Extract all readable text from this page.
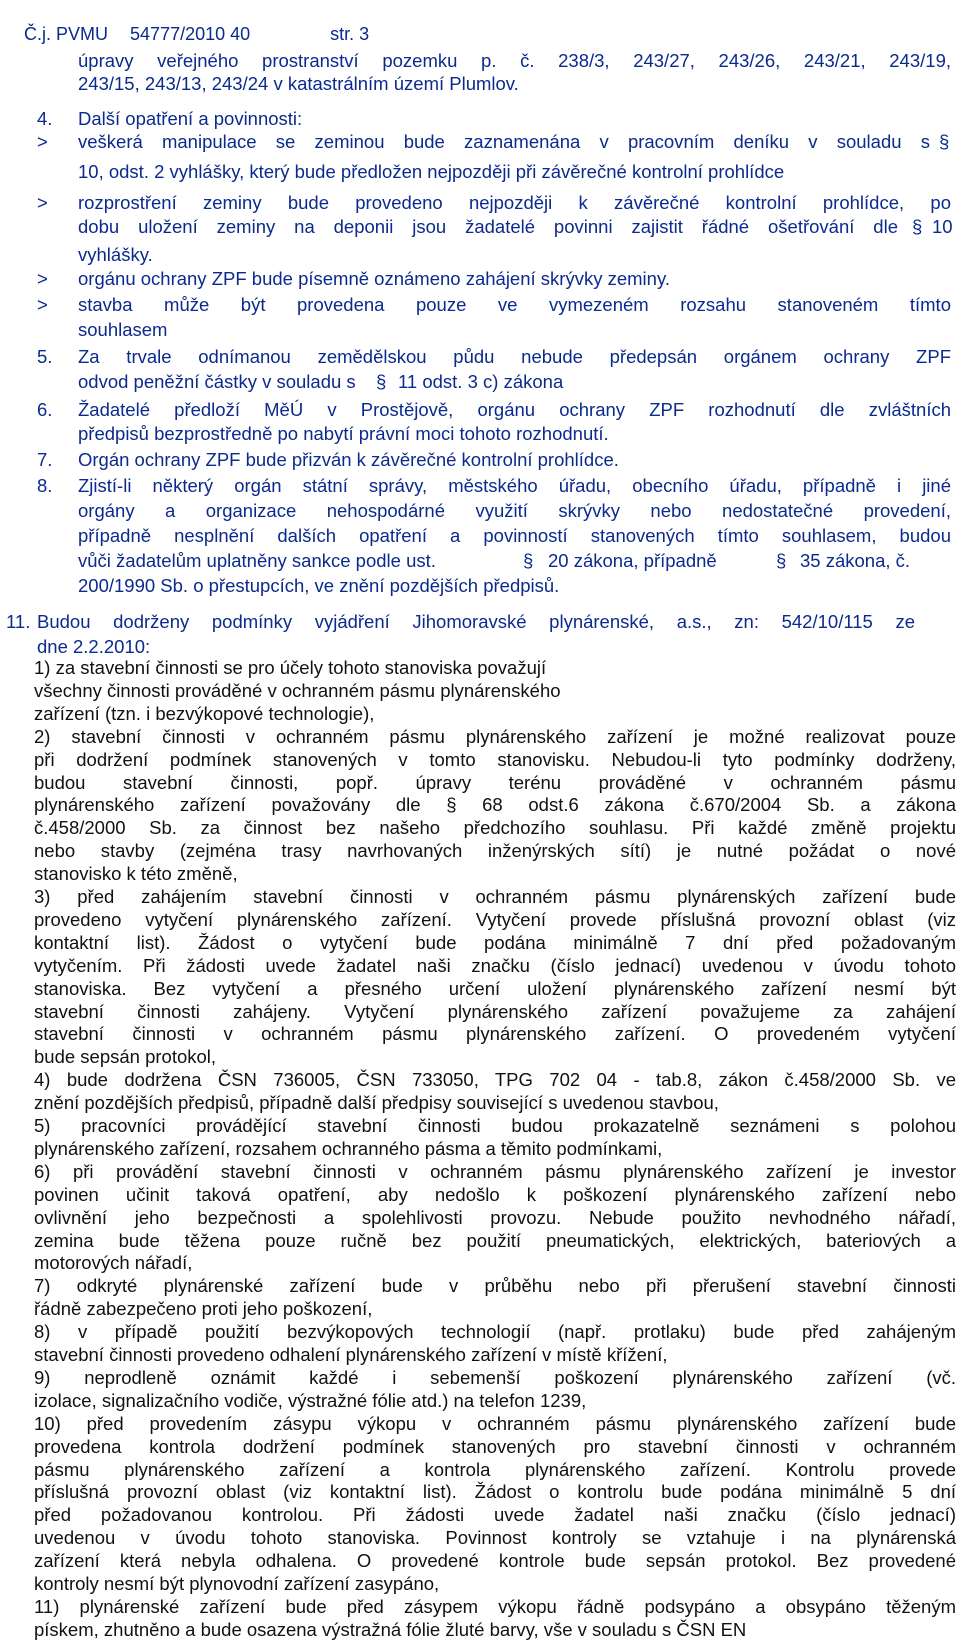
Č.j. PVMU 54777/2010 40	str. 3

úpravy veřejného prostranství pozemku p. č. 238/3, 243/27, 243/26, 243/21, 243/19,
243/15, 243/13, 243/24 v katastrálním území Plumlov.
4. Další opatření a povinnosti:
> veškerá manipulace se zeminou bude zaznamenána v pracovním deníku v souladu s §
10, odst. 2 vyhlášky, který bude předložen nejpozději při závěrečné kontrolní prohlídce
> rozprostření zeminy bude provedeno nejpozději k závěrečné kontrolní prohlídce, po
dobu uložení zeminy na deponii jsou žadatelé povinni zajistit řádné ošetřování dle § 10
vyhlášky.
> orgánu ochrany ZPF bude písemně oznámeno zahájení skrývky zeminy.
> stavba může být provedena pouze ve vymezeném rozsahu stanoveném tímto
souhlasem
5. Za trvale odnímanou zemědělskou půdu nebude předepsán orgánem ochrany ZPF
odvod peněžní částky v souladu s § 11 odst. 3 c) zákona
6. Žadatelé předloží MěÚ v Prostějově, orgánu ochrany ZPF rozhodnutí dle zvláštních
předpisů bezprostředně po nabytí právní moci tohoto rozhodnutí.
7. Orgán ochrany ZPF bude přizván k závěrečné kontrolní prohlídce.
8. Zjistí-li některý orgán státní správy, městského úřadu, obecního úřadu, případně i jiné
orgány a organizace nehospodárné využití skrývky nebo nedostatečné provedení,
případně nesplnění dalších opatření a povinností stanovených tímto souhlasem, budou
vůči žadatelům uplatněny sankce podle ust.	§ 20 zákona, případně	§ 35 zákona, č.
200/1990 Sb. o přestupcích, ve znění pozdějších předpisů.
11. Budou dodrženy podmínky vyjádření Jihomoravské plynárenské, a.s., zn: 542/10/115 ze
dne 2.2.2010:
1) za stavební činnosti se pro účely tohoto stanoviska považují
všechny činnosti prováděné v ochranném pásmu plynárenského
zařízení (tzn. i bezvýkopové technologie),
2) stavební činnosti v ochranném pásmu plynárenského zařízení je možné realizovat pouze
při dodržení podmínek stanovených v tomto stanovisku. Nebudou-li tyto podmínky dodrženy,
budou stavební činnosti, popř. úpravy terénu prováděné v ochranném pásmu
plynárenského zařízení považovány dle § 68 odst.6 zákona č.670/2004 Sb. a zákona
č.458/2000 Sb. za činnost bez našeho předchozího souhlasu. Při každé změně projektu
nebo stavby (zejména trasy navrhovaných inženýrských sítí) je nutné požádat o nové
stanovisko k této změně,
3) před zahájením stavební činnosti v ochranném pásmu plynárenských zařízení bude
provedeno vytyčení plynárenského zařízení. Vytyčení provede příslušná provozní oblast (viz
kontaktní list). Žádost o vytyčení bude podána minimálně 7 dní před požadovaným
vytyčením. Při žádosti uvede žadatel naši značku (číslo jednací) uvedenou v úvodu tohoto
stanoviska. Bez vytyčení a přesného určení uložení plynárenského zařízení nesmí být
stavební činnosti zahájeny. Vytyčení plynárenského zařízení považujeme za zahájení
stavební činnosti v ochranném pásmu plynárenského zařízení. O provedeném vytyčení
bude sepsán protokol,
4) bude dodržena ČSN 736005, ČSN 733050, TPG 702 04 - tab.8, zákon č.458/2000 Sb. ve
znění pozdějších předpisů, případně další předpisy související s uvedenou stavbou,
5) pracovníci provádějící stavební činnosti budou prokazatelně seznámeni s polohou
plynárenského zařízení, rozsahem ochranného pásma a těmito podmínkami,
6) při provádění stavební činnosti v ochranném pásmu plynárenského zařízení je investor
povinen učinit taková opatření, aby nedošlo k poškození plynárenského zařízení nebo
ovlivnění jeho bezpečnosti a spolehlivosti provozu. Nebude použito nevhodného nářadí,
zemina bude těžena pouze ručně bez použití pneumatických, elektrických, bateriových a
motorových nářadí,
7) odkryté plynárenské zařízení bude v průběhu nebo při přerušení stavební činnosti
řádně zabezpečeno proti jeho poškození,
8) v případě použití bezvýkopových technologií (např. protlaku) bude před zahájeným
stavební činnosti provedeno odhalení plynárenského zařízení v místě křížení,
9) neprodleně oznámit každé i sebemenší poškození plynárenského zařízení (vč.
izolace, signalizačního vodiče, výstražné fólie atd.) na telefon 1239,
10) před provedením zásypu výkopu v ochranném pásmu plynárenského zařízení bude
provedena kontrola dodržení podmínek stanovených pro stavební činnosti v ochranném
pásmu plynárenského zařízení a kontrola plynárenského zařízení. Kontrolu provede
příslušná provozní oblast (viz kontaktní list). Žádost o kontrolu bude podána minimálně 5 dní
před požadovanou kontrolou. Při žádosti uvede žadatel naši značku (číslo jednací)
uvedenou v úvodu tohoto stanoviska. Povinnost kontroly se vztahuje i na plynárenská
zařízení která nebyla odhalena. O provedené kontrole bude sepsán protokol. Bez provedené
kontroly nesmí být plynovodní zařízení zasypáno,
11) plynárenské zařízení bude před zásypem výkopu řádně podsypáno a obsypáno těženým
pískem, zhutněno a bude osazena výstražná fólie žluté barvy, vše v souladu s ČSN EN
